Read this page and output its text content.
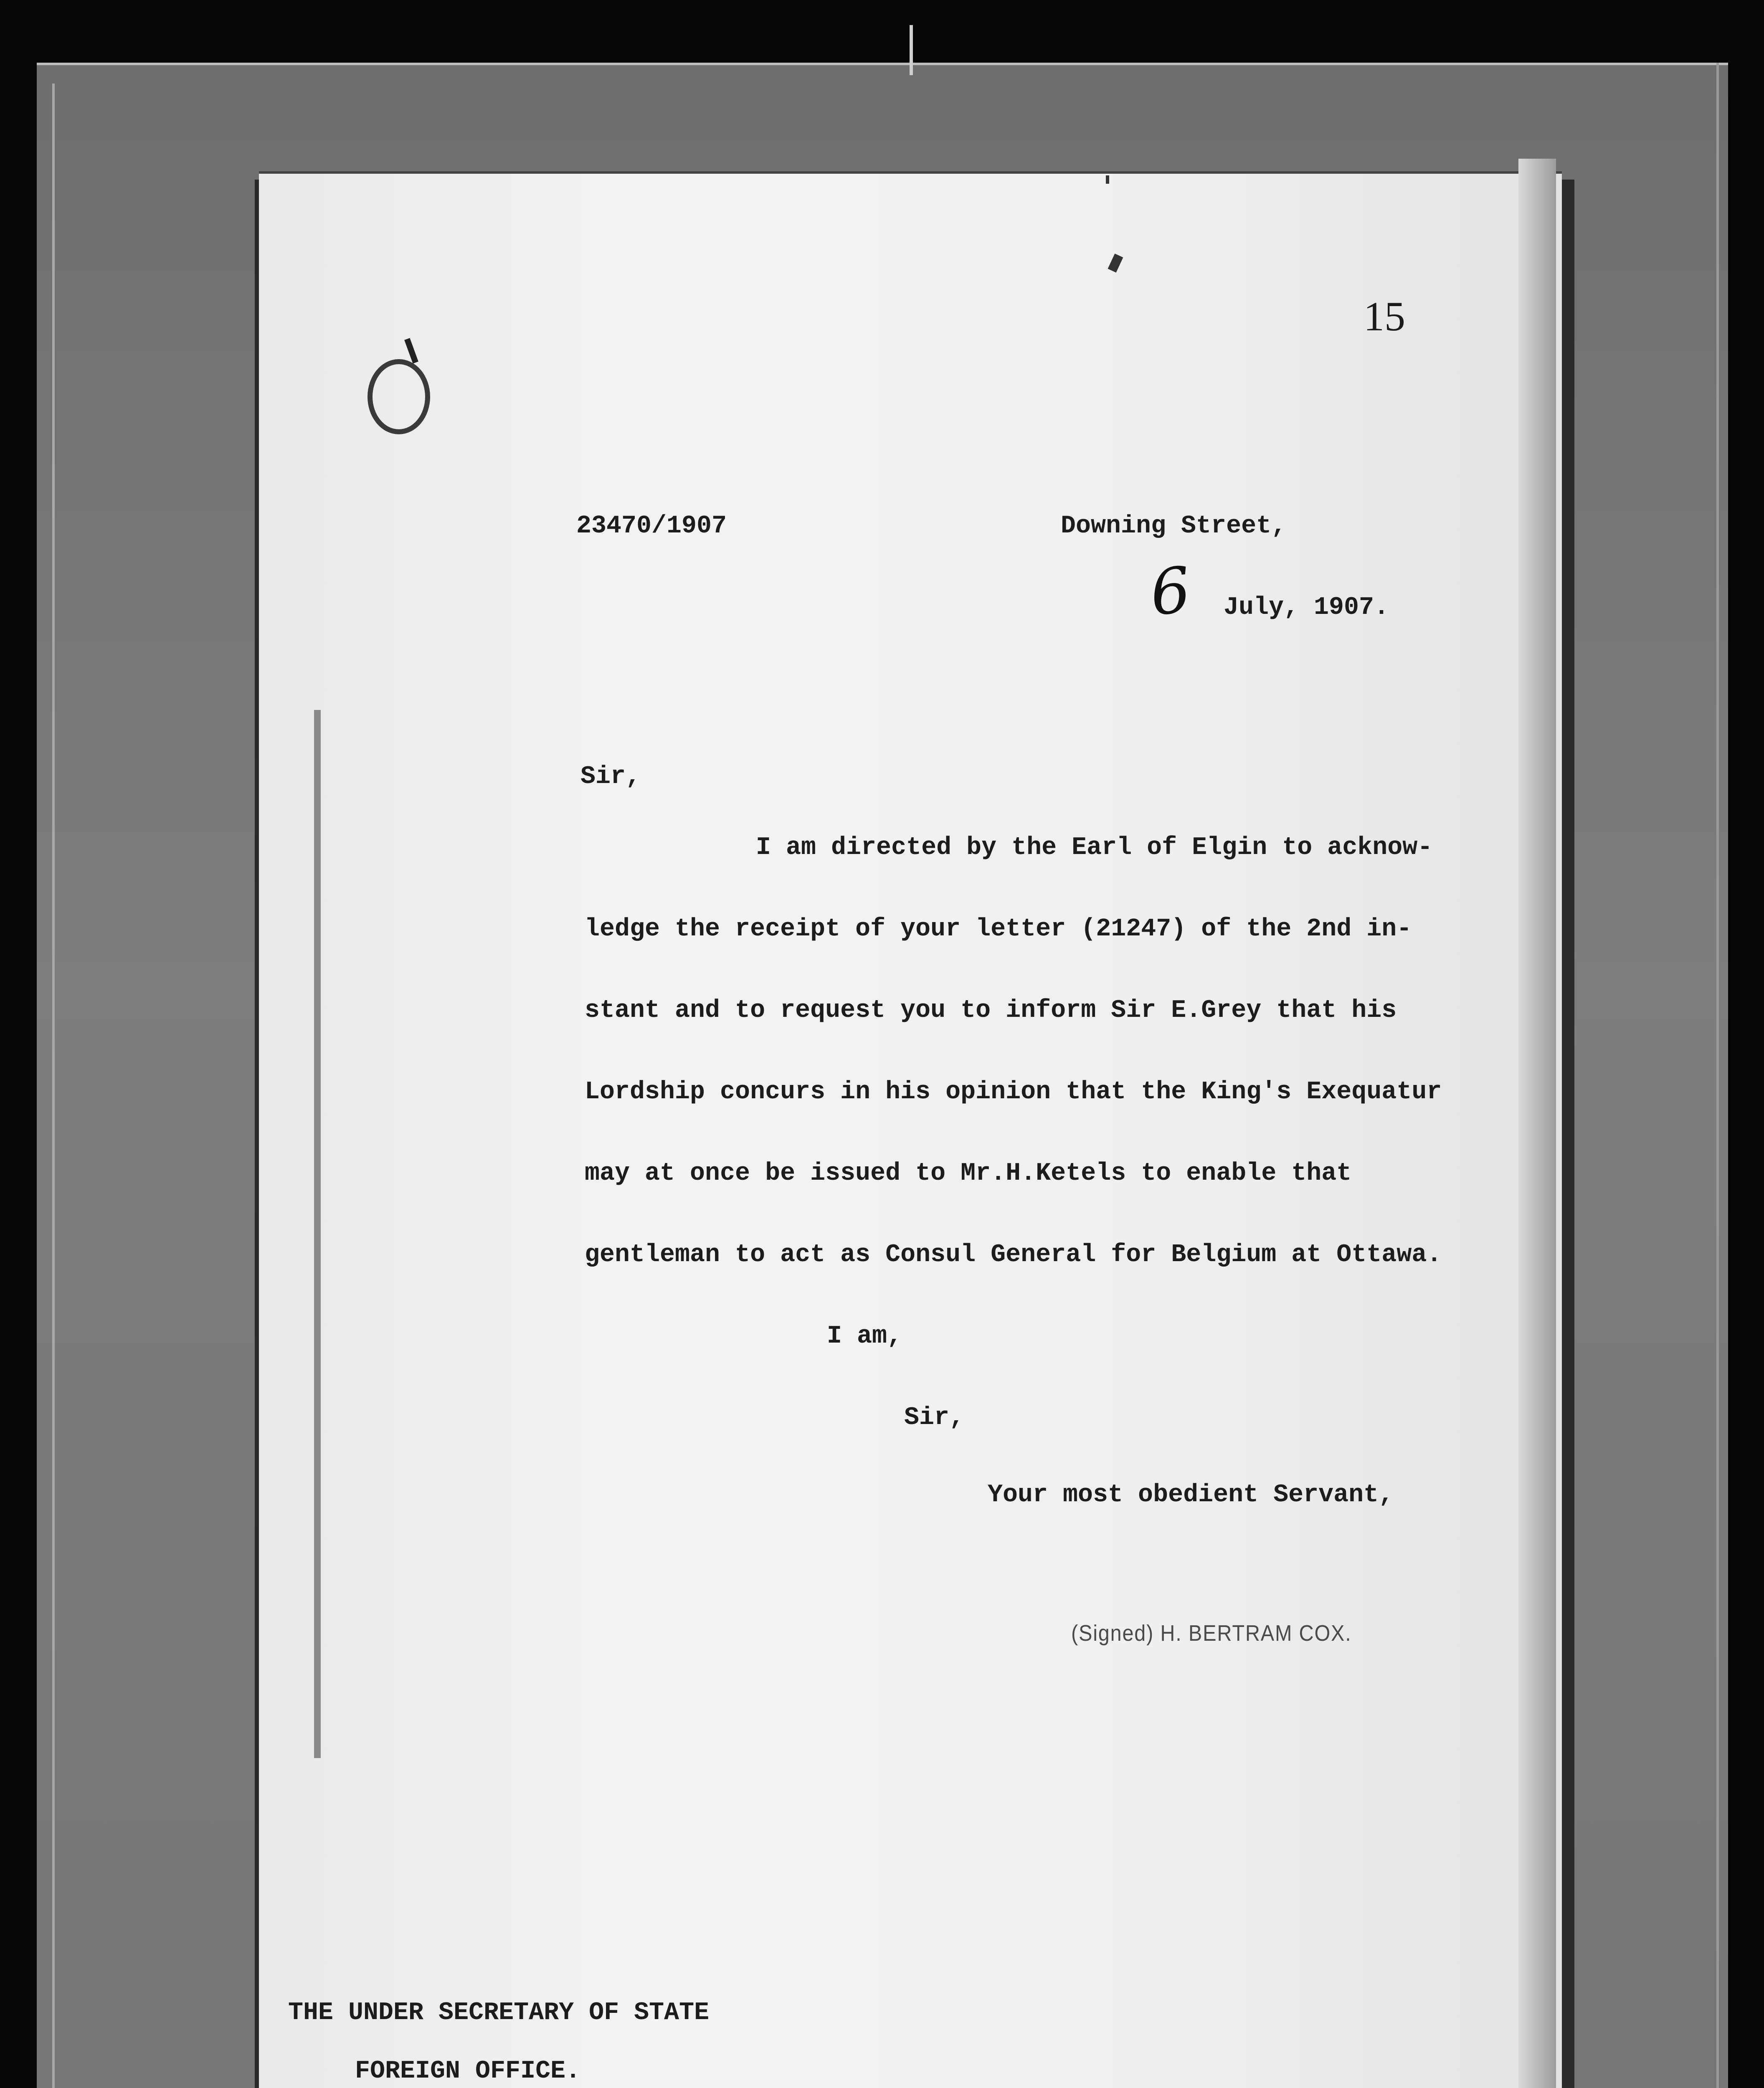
15
23470/1907	Downing Street,
6 July, 1907.
Sir,
I am directed by the Earl of Elgin to acknow-
ledge the receipt of your letter (21247) of the 2nd in-
stant and to request you to inform Sir E.Grey that his
Lordship concurs in his opinion that the King's Exequatur
may at once be issued to Mr.H.Ketels to enable that
gentleman to act as Consul General for Belgium at Ottawa.
I am,
Sir,
Your most obedient Servant,
(Signed) H. BERTRAM COX.
THE UNDER SECRETARY OF STATE
FOREIGN OFFICE.
